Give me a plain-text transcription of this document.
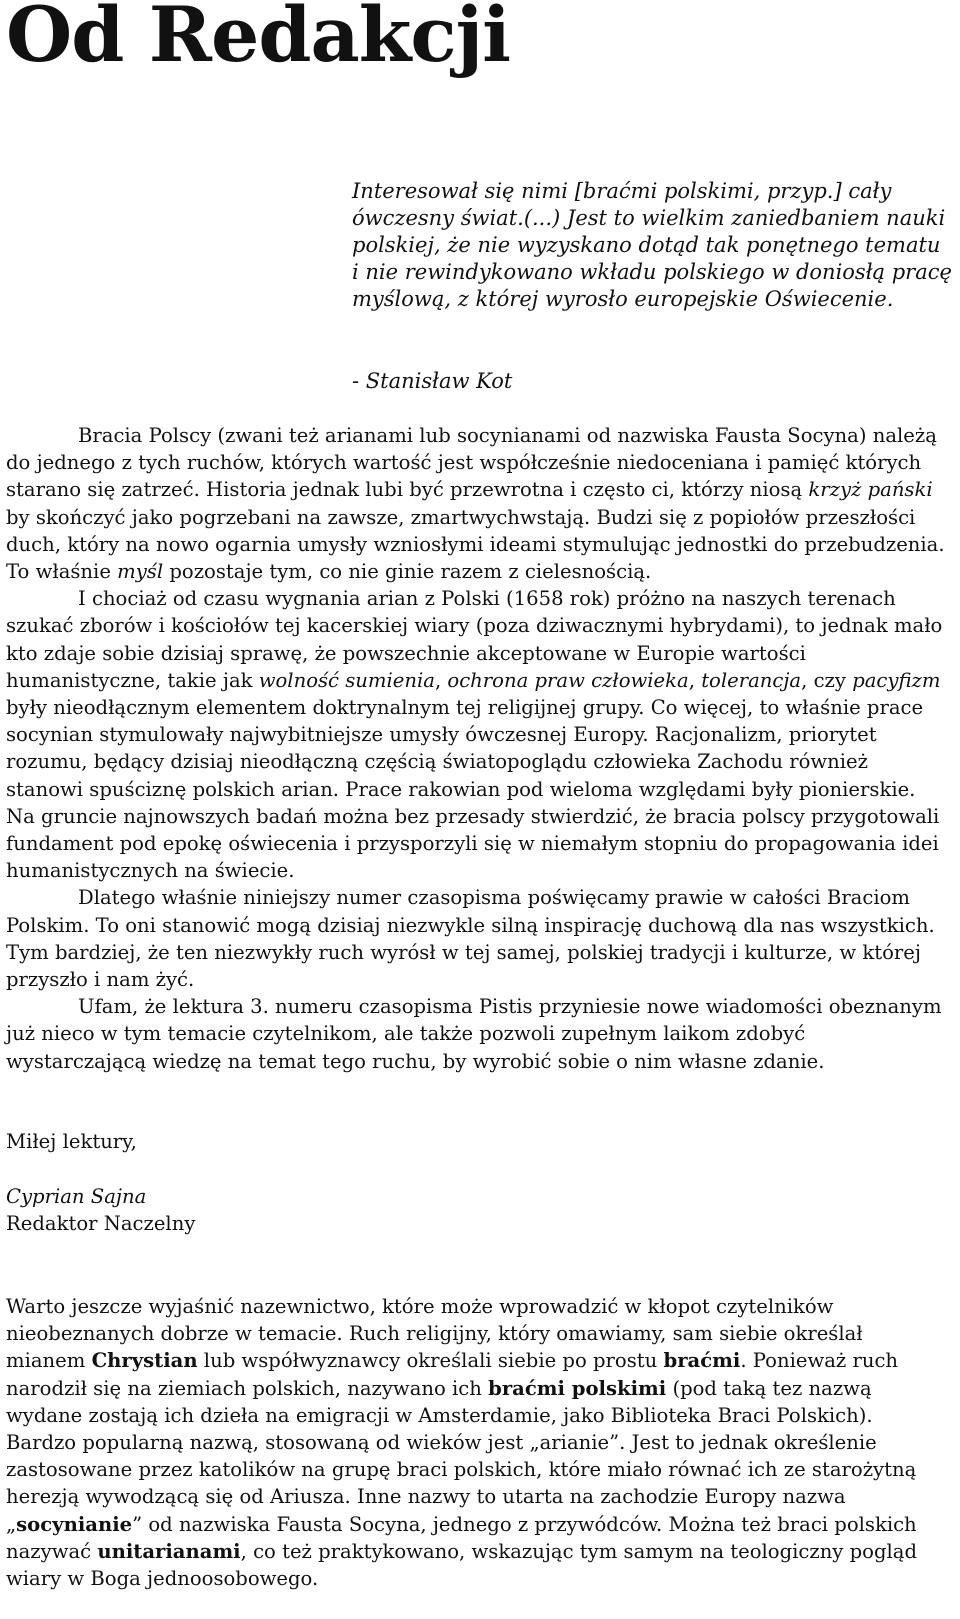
Od Redakcji

Interesował się nimi [braćmi polskimi, przyp.] cały ówczesny świat.(...) Jest to wielkim zaniedbaniem nauki polskiej, że nie wyzyskano dotąd tak ponętnego tematu i nie rewindykowano wkładu polskiego w doniosłą pracę myślową, z której wyrosło europejskie Oświecenie.

- Stanisław Kot

Bracia Polscy (zwani też arianami lub socynianami od nazwiska Fausta Socyna) należą do jednego z tych ruchów, których wartość jest współcześnie niedoceniana i pamięć których starano się zatrzeć. Historia jednak lubi być przewrotna i często ci, którzy niosą krzyż pański by skończyć jako pogrzebani na zawsze, zmartwychwstają. Budzi się z popiołów przeszłości duch, który na nowo ogarnia umysły wzniosłymi ideami stymulując jednostki do przebudzenia. To właśnie myśl pozostaje tym, co nie ginie razem z cielesnością.

I chociaż od czasu wygnania arian z Polski (1658 rok) próżno na naszych terenach szukać zborów i kościołów tej kacerskiej wiary (poza dziwacznymi hybrydami), to jednak mało kto zdaje sobie dzisiaj sprawę, że powszechnie akceptowane w Europie wartości humanistyczne, takie jak wolność sumienia, ochrona praw człowieka, tolerancja, czy pacyfizm były nieodłącznym elementem doktrynalnym tej religijnej grupy. Co więcej, to właśnie prace socynian stymulowały najwybitniejsze umysły ówczesnej Europy. Racjonalizm, priorytet rozumu, będący dzisiaj nieodłączną częścią światopoglądu człowieka Zachodu również stanowi spuściznę polskich arian. Prace rakowian pod wieloma względami były pionierskie. Na gruncie najnowszych badań można bez przesady stwierdzić, że bracia polscy przygotowali fundament pod epokę oświecenia i przysporzyli się w niemałym stopniu do propagowania idei humanistycznych na świecie.

Dlatego właśnie niniejszy numer czasopisma poświęcamy prawie w całości Braciom Polskim. To oni stanowić mogą dzisiaj niezwykle silną inspirację duchową dla nas wszystkich. Tym bardziej, że ten niezwykły ruch wyrósł w tej samej, polskiej tradycji i kulturze, w której przyszło i nam żyć.

Ufam, że lektura 3. numeru czasopisma Pistis przyniesie nowe wiadomości obeznanym już nieco w tym temacie czytelnikom, ale także pozwoli zupełnym laikom zdobyć wystarczającą wiedzę na temat tego ruchu, by wyrobić sobie o nim własne zdanie.

Miłej lektury,

Cyprian Sajna
Redaktor Naczelny

Warto jeszcze wyjaśnić nazewnictwo, które może wprowadzić w kłopot czytelników nieobeznanych dobrze w temacie. Ruch religijny, który omawiamy, sam siebie określał mianem Chrystian lub współwyznawcy określali siebie po prostu braćmi. Ponieważ ruch narodził się na ziemiach polskich, nazywano ich braćmi polskimi (pod taką tez nazwą wydane zostają ich dzieła na emigracji w Amsterdamie, jako Biblioteka Braci Polskich). Bardzo popularną nazwą, stosowaną od wieków jest „arianie”. Jest to jednak określenie zastosowane przez katolików na grupę braci polskich, które miało równać ich ze starożytną herezją wywodzącą się od Ariusza. Inne nazwy to utarta na zachodzie Europy nazwa „socynianie” od nazwiska Fausta Socyna, jednego z przywódców. Można też braci polskich nazywać unitarianami, co też praktykowano, wskazując tym samym na teologiczny pogląd wiary w Boga jednoosobowego.
